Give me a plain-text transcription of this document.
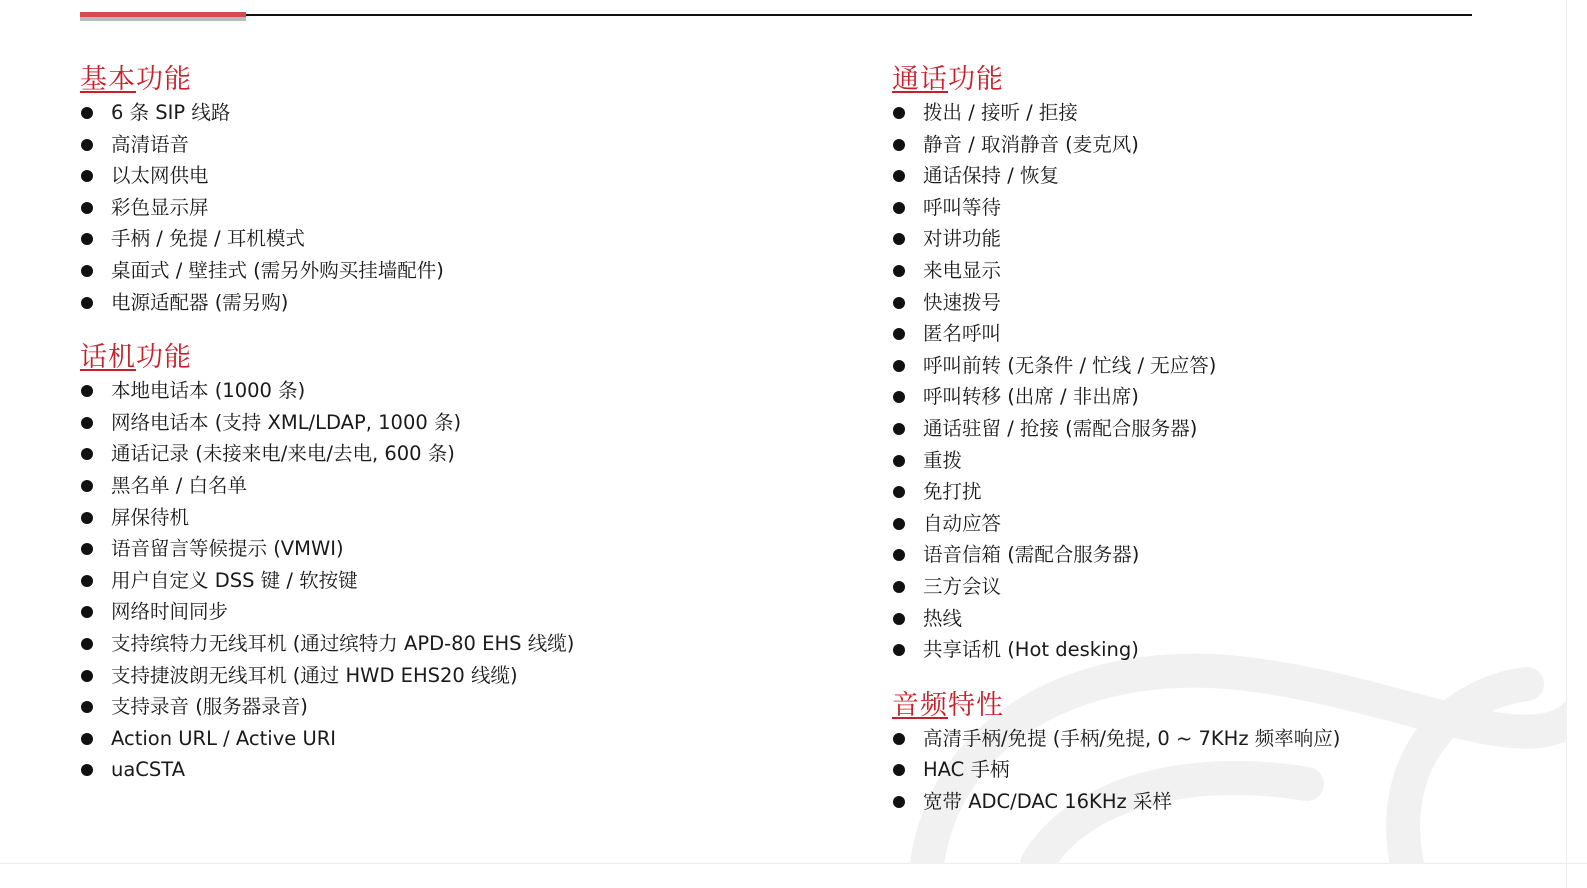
基本功能
6 条 SIP 线路
高清语音
以太网供电
彩色显示屏
手柄 / 免提 / 耳机模式
桌面式 / 壁挂式 (需另外购买挂墙配件)
电源适配器 (需另购)
话机功能
本地电话本 (1000 条)
网络电话本 (支持 XML/LDAP, 1000 条)
通话记录 (未接来电/来电/去电, 600 条)
黑名单 / 白名单
屏保待机
语音留言等候提示 (VMWI)
用户自定义 DSS 键 / 软按键
网络时间同步
支持缤特力无线耳机 (通过缤特力 APD-80 EHS 线缆)
支持捷波朗无线耳机 (通过 HWD EHS20 线缆)
支持录音 (服务器录音)
Action URL / Active URI
uaCSTA
通话功能
拨出 / 接听 / 拒接
静音 / 取消静音 (麦克风)
通话保持 / 恢复
呼叫等待
对讲功能
来电显示
快速拨号
匿名呼叫
呼叫前转 (无条件 / 忙线 / 无应答)
呼叫转移 (出席 / 非出席)
通话驻留 / 抢接 (需配合服务器)
重拨
免打扰
自动应答
语音信箱 (需配合服务器)
三方会议
热线
共享话机 (Hot desking)
音频特性
高清手柄/免提 (手柄/免提, 0 ~ 7KHz 频率响应)
HAC 手柄
宽带 ADC/DAC 16KHz 采样
